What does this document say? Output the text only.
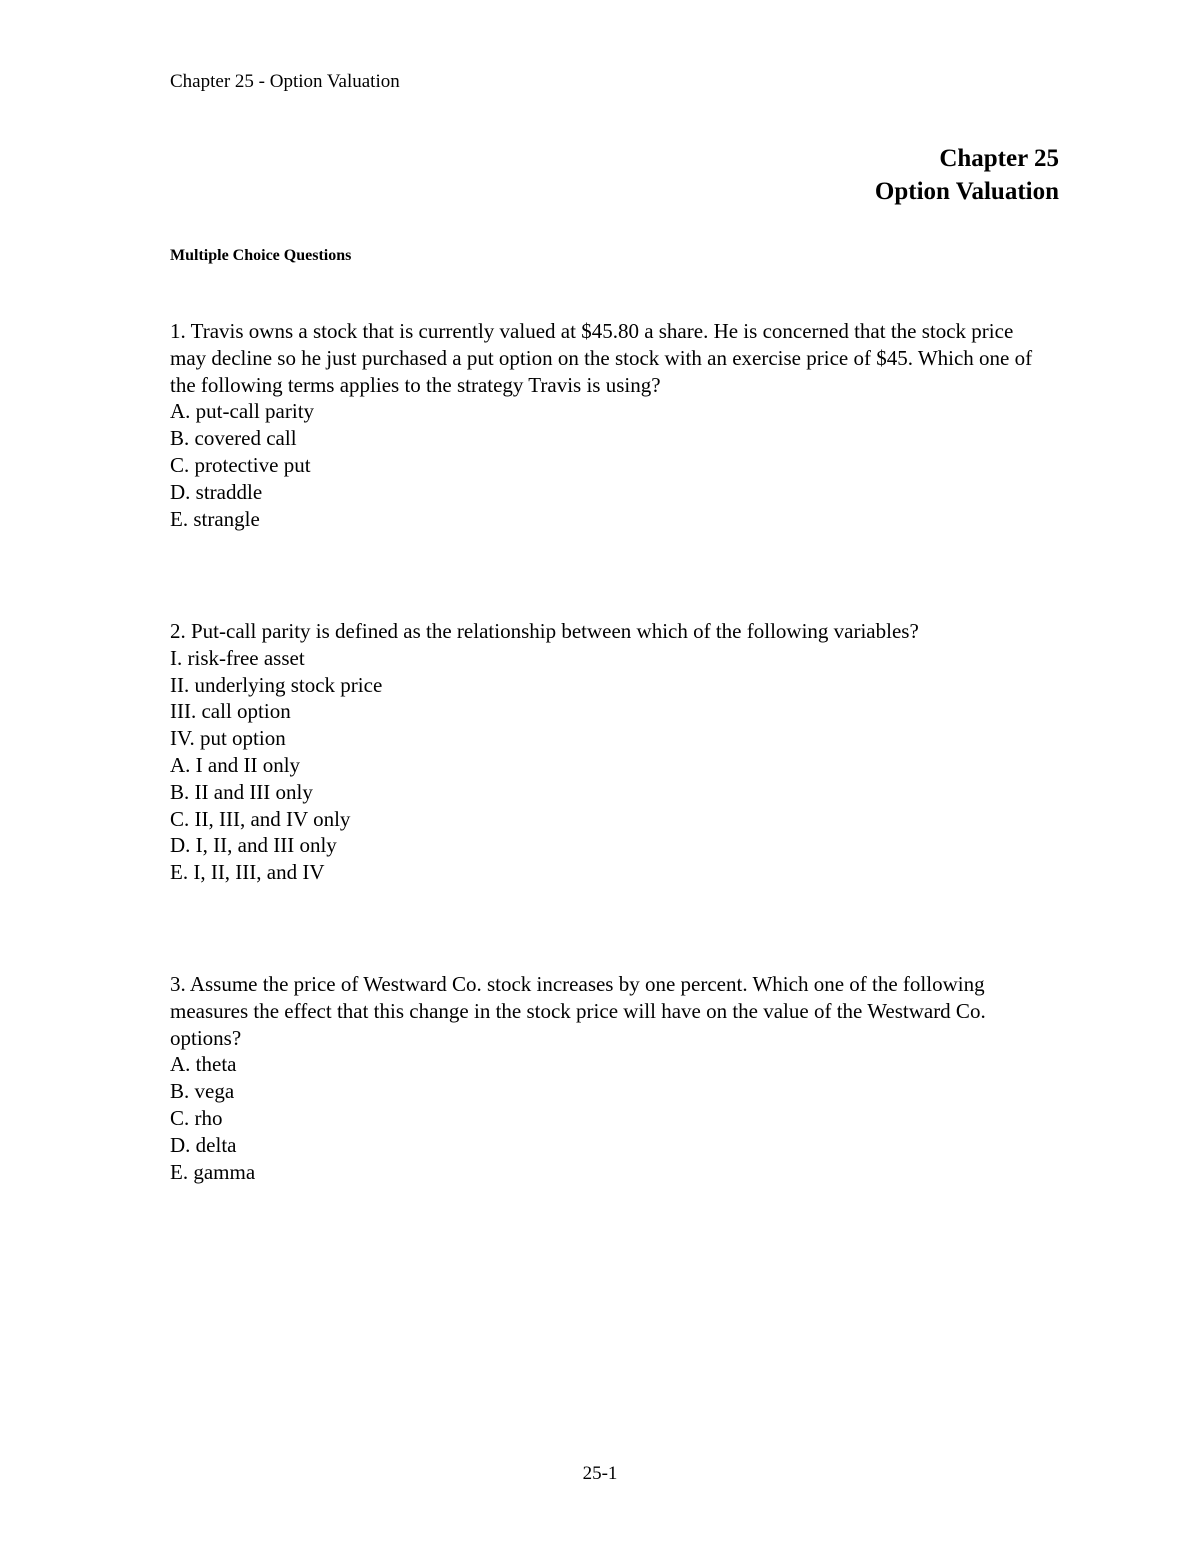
Chapter 25 - Option Valuation
Chapter 25
Option Valuation
Multiple Choice Questions

1. Travis owns a stock that is currently valued at $45.80 a share. He is concerned that the stock price may decline so he just purchased a put option on the stock with an exercise price of $45. Which one of the following terms applies to the strategy Travis is using?

A. put-call parity

B. covered call

C. protective put

D. straddle

E. strangle

2. Put-call parity is defined as the relationship between which of the following variables?

I. risk-free asset

II. underlying stock price

III. call option

IV. put option

A. I and II only

B. II and III only

C. II, III, and IV only

D. I, II, and III only

E. I, II, III, and IV

3. Assume the price of Westward Co. stock increases by one percent. Which one of the following measures the effect that this change in the stock price will have on the value of the Westward Co. options?

A. theta

B. vega

C. rho

D. delta

E. gamma

25-1
